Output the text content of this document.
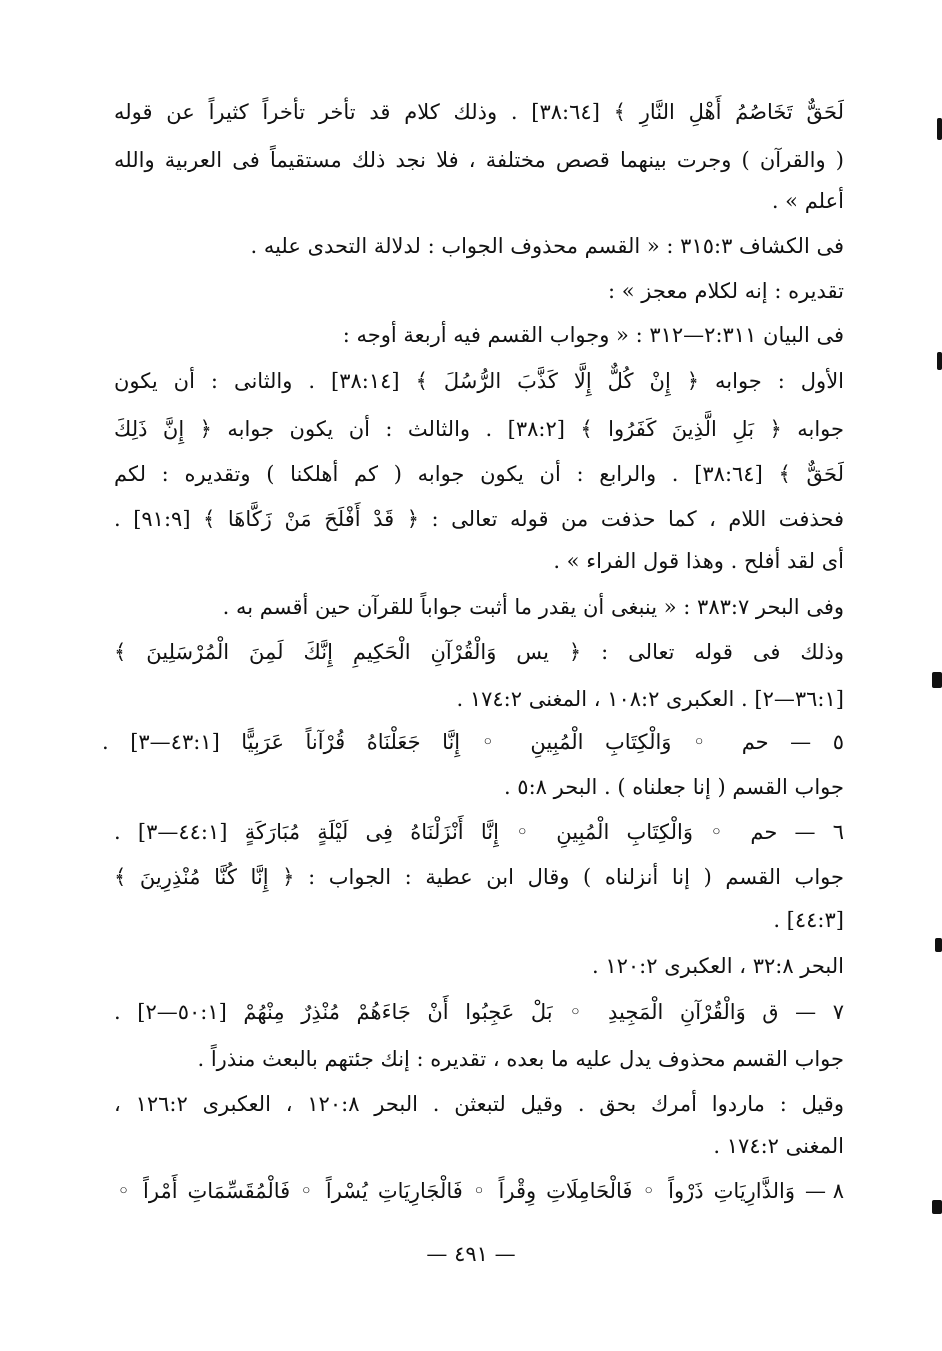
لَحَقٌّ تَخَاصُمُ أَهْلِ النَّارِ ﴾ [٣٨:٦٤] . وذلك كلام قد تأخر تأخراً كثيراً عن قوله
( والقرآن ) وجرت بينهما قصص مختلفة ، فلا نجد ذلك مستقيماً فى العربية والله
أعلم » .
فى الكشاف ٣١٥:٣ : « القسم محذوف الجواب : لدلالة التحدى عليه .
تقديره : إنه لكلام معجز » :
فى البيان ٢:٣١١—٣١٢ : « وجواب القسم فيه أربعة أوجه :
الأول : جوابه ﴿ إِنْ كُلٌّ إِلَّا كَذَّبَ الرُّسُلَ ﴾ [٣٨:١٤] . والثانى : أن يكون
جوابه ﴿ بَلِ الَّذِينَ كَفَرُوا ﴾ [٣٨:٢] . والثالث : أن يكون جوابه ﴿ إِنَّ ذَلِكَ
لَحَقٌّ ﴾ [٣٨:٦٤] . والرابع : أن يكون جوابه ( كم أهلكنا ) وتقديره : لكم
فحذفت اللام ، كما حذفت من قوله تعالى : ﴿ قَدْ أَفْلَحَ مَنْ زَكَّاهَا ﴾ [٩١:٩] .
أى لقد أفلح . وهذا قول الفراء » .
وفى البحر ٣٨٣:٧ : « ينبغى أن يقدر ما أثبت جواباً للقرآن حين أقسم به .
وذلك فى قوله تعالى : ﴿ يس وَالْقُرْآنِ الْحَكِيمِ إِنَّكَ لَمِنَ الْمُرْسَلِينَ ﴾
[٣٦:١—٢] . العكبرى ١٠٨:٢ ، المغنى ١٧٤:٢ .
٥ — حم ◦ وَالْكِتَابِ الْمُبِينِ ◦ إِنَّا جَعَلْنَاهُ قُرْآناً عَرَبِيًّا [٤٣:١—٣] .
جواب القسم ( إنا جعلناه ) . البحر ٥:٨ .
٦ — حم ◦ وَالْكِتَابِ الْمُبِينِ ◦ إِنَّا أَنْزَلْنَاهُ فِى لَيْلَةٍ مُبَارَكَةٍ [٤٤:١—٣] .
جواب القسم ( إنا أنزلناه ) وقال ابن عطية : الجواب : ﴿ إِنَّا كُنَّا مُنْذِرِينَ ﴾
[٤٤:٣] .
البحر ٣٢:٨ ، العكبرى ١٢٠:٢ .
٧ — ق وَالْقُرْآنِ الْمَجِيدِ ◦ بَلْ عَجِبُوا أَنْ جَاءَهُمْ مُنْذِرٌ مِنْهُمْ [٥٠:١—٢] .
جواب القسم محذوف يدل عليه ما بعده ، تقديره : إنك جئتهم بالبعث منذراً .
وقيل : ماردوا أمرك بحق . وقيل لتبعثن . البحر ١٢٠:٨ ، العكبرى ١٢٦:٢ ،
المغنى ١٧٤:٢ .
٨ — وَالذَّارِيَاتِ ذَرْواً ◦ فَالْحَامِلَاتِ وِقْراً ◦ فَالْجَارِيَاتِ يُسْراً ◦ فَالْمُقَسِّمَاتِ أَمْراً ◦
— ٤٩١ —
